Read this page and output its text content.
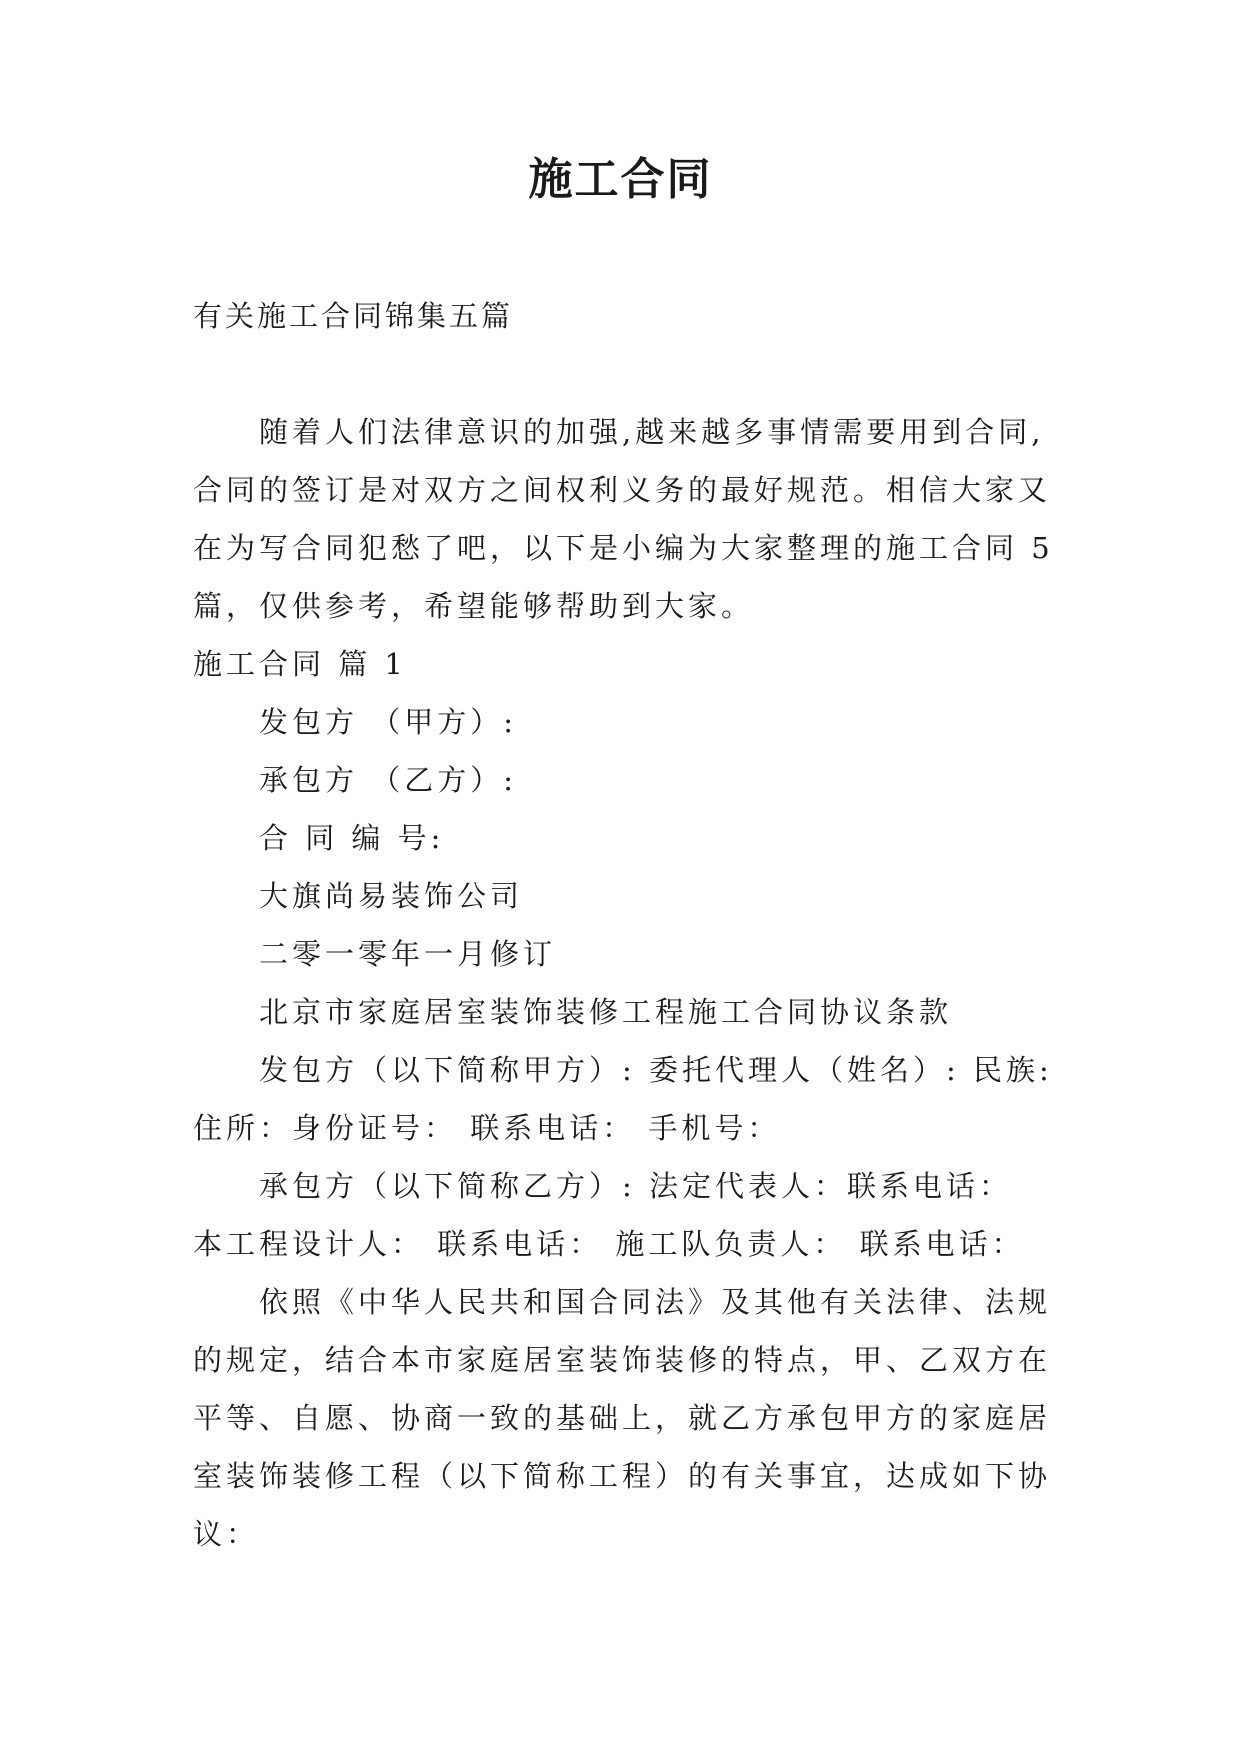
施工合同
有关施工合同锦集五篇
随着人们法律意识的加强,越来越多事情需要用到合同,
合同的签订是对双方之间权利义务的最好规范。相信大家又
在为写合同犯愁了吧，以下是小编为大家整理的施工合同 5
篇，仅供参考，希望能够帮助到大家。
施工合同 篇 1
发包方 （甲方）:
承包方 （乙方）:
合 同 编 号:
大旗尚易装饰公司
二零一零年一月修订
北京市家庭居室装饰装修工程施工合同协议条款
发包方（以下简称甲方）: 委托代理人（姓名）: 民族:
住所：身份证号： 联系电话： 手机号：
承包方（以下简称乙方）: 法定代表人：联系电话：
本工程设计人： 联系电话： 施工队负责人： 联系电话：
依照《中华人民共和国合同法》及其他有关法律、法规
的规定，结合本市家庭居室装饰装修的特点，甲、乙双方在
平等、自愿、协商一致的基础上，就乙方承包甲方的家庭居
室装饰装修工程（以下简称工程）的有关事宜，达成如下协
议：
